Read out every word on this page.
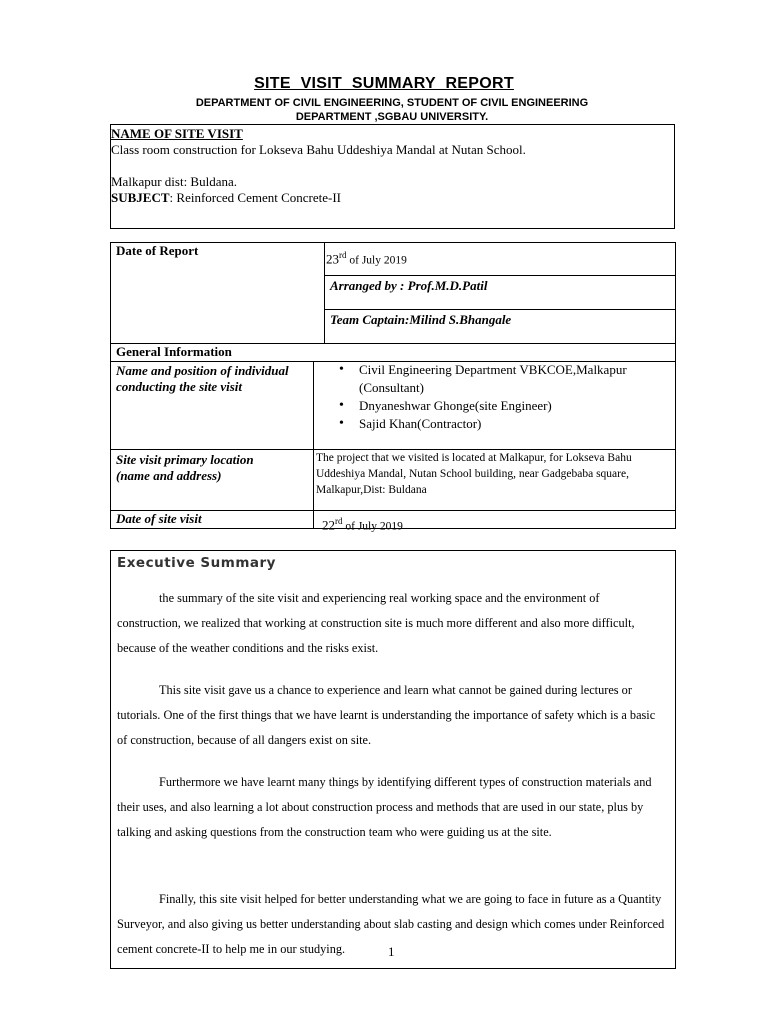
SITE VISIT SUMMARY REPORT
DEPARTMENT OF CIVIL ENGINEERING, STUDENT OF CIVIL ENGINEERING
DEPARTMENT ,SGBAU UNIVERSITY.

NAME OF SITE VISIT

Class room construction for Lokseva Bahu Uddeshiya Mandal at Nutan School.

Malkapur dist: Buldana.

SUBJECT: Reinforced Cement Concrete-II

Date of Report
23rd of July 2019
Arranged by : Prof.M.D.Patil
Team Captain:Milind S.Bhangale
General Information
Name and position of individual
conducting the site visit
• Civil Engineering Department VBKCOE,Malkapur
(Consultant)
• Dnyaneshwar Ghonge(site Engineer)
• Sajid Khan(Contractor)
Site visit primary location
(name and address)
The project that we visited is located at Malkapur, for Lokseva Bahu
Uddeshiya Mandal, Nutan School building, near Gadgebaba square,
Malkapur,Dist: Buldana
Date of site visit	22rd of July 2019
Executive Summary
the summary of the site visit and experiencing real working space and the environment of construction, we realized that working at construction site is much more different and also more difficult, because of the weather conditions and the risks exist.
This site visit gave us a chance to experience and learn what cannot be gained during lectures or tutorials. One of the first things that we have learnt is understanding the importance of safety which is a basic of construction, because of all dangers exist on site.
Furthermore we have learnt many things by identifying different types of construction materials and their uses, and also learning a lot about construction process and methods that are used in our state, plus by talking and asking questions from the construction team who were guiding us at the site.
Finally, this site visit helped for better understanding what we are going to face in future as a Quantity Surveyor, and also giving us better understanding about slab casting and design which comes under Reinforced cement concrete-II to help me in our studying.	1
